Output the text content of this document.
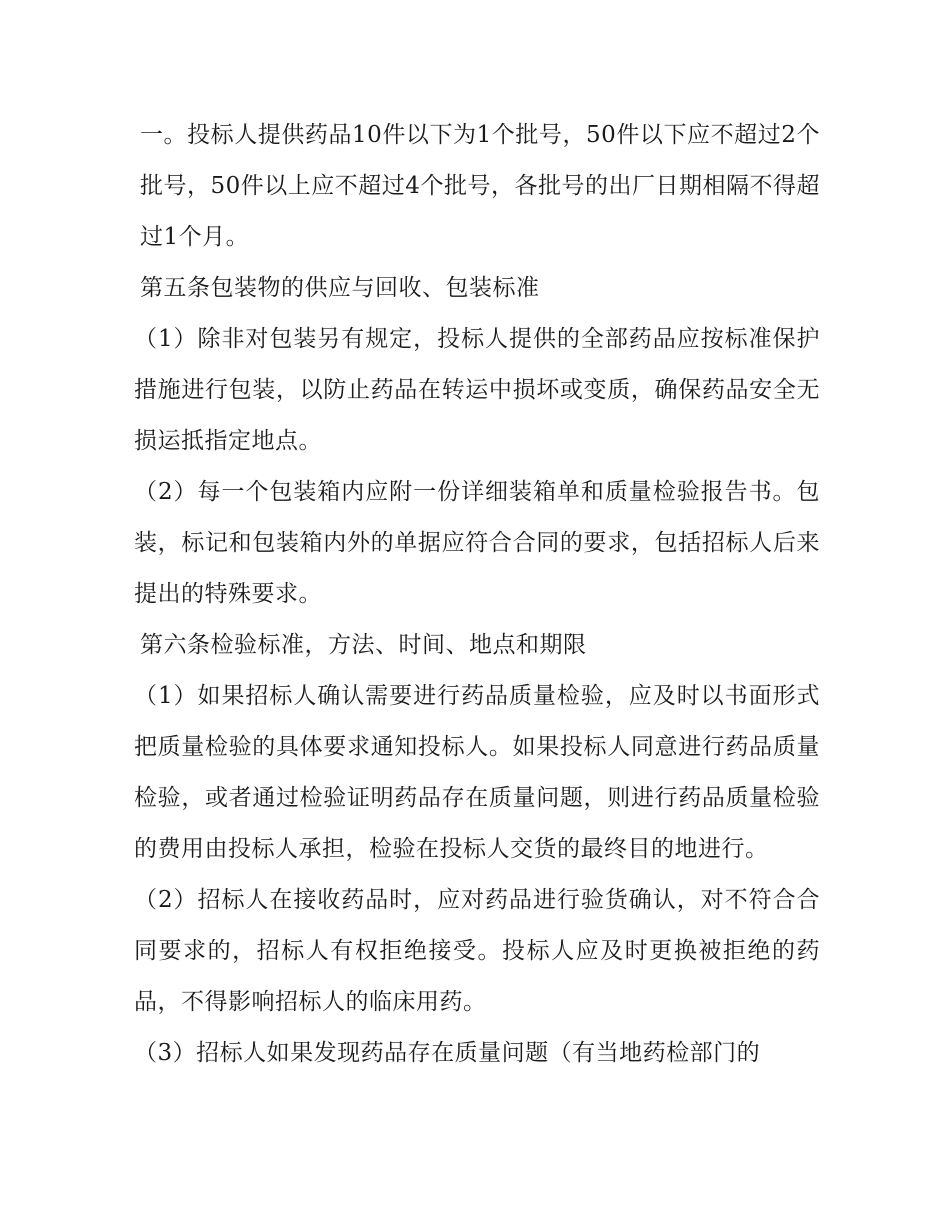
一。投标人提供药品10件以下为1个批号，50件以下应不超过2个批号，50件以上应不超过4个批号，各批号的出厂日期相隔不得超过1个月。

第五条包装物的供应与回收、包装标准

（1）除非对包装另有规定，投标人提供的全部药品应按标准保护措施进行包装，以防止药品在转运中损坏或变质，确保药品安全无损运抵指定地点。

（2）每一个包装箱内应附一份详细装箱单和质量检验报告书。包装，标记和包装箱内外的单据应符合合同的要求，包括招标人后来提出的特殊要求。

第六条检验标准，方法、时间、地点和期限

（1）如果招标人确认需要进行药品质量检验，应及时以书面形式把质量检验的具体要求通知投标人。如果投标人同意进行药品质量检验，或者通过检验证明药品存在质量问题，则进行药品质量检验的费用由投标人承担，检验在投标人交货的最终目的地进行。

（2）招标人在接收药品时，应对药品进行验货确认，对不符合合同要求的，招标人有权拒绝接受。投标人应及时更换被拒绝的药品，不得影响招标人的临床用药。

（3）招标人如果发现药品存在质量问题（有当地药检部门的
